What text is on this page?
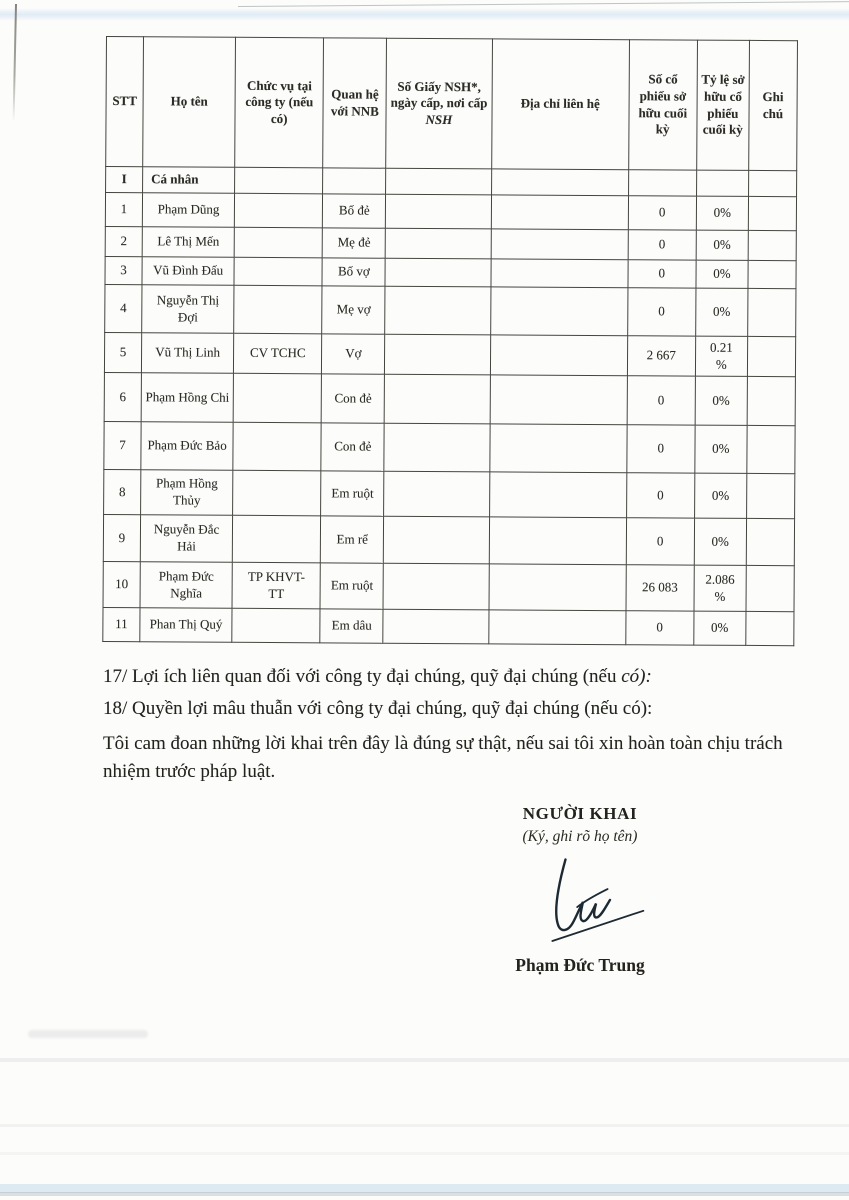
STT	Họ tên	Chức vụ tại công ty (nếu có)	Quan hệ với NNB	Số Giấy NSH*, ngày cấp, nơi cấp NSH	Địa chỉ liên hệ	Số cổ phiếu sở hữu cuối kỳ	Tỷ lệ sở hữu cổ phiếu cuối kỳ	Ghi chú
I	Cá nhân							
1	Phạm Dũng		Bố đẻ			0	0%	
2	Lê Thị Mến		Mẹ đẻ			0	0%	
3	Vũ Đình Đấu		Bố vợ			0	0%	
4	Nguyễn Thị Đợi		Mẹ vợ			0	0%	
5	Vũ Thị Linh	CV TCHC	Vợ			2 667	0.21
%	
6	Phạm Hồng Chi		Con đẻ			0	0%	
7	Phạm Đức Bảo		Con đẻ			0	0%	
8	Phạm Hồng Thủy		Em ruột			0	0%	
9	Nguyễn Đắc Hải		Em rể			0	0%	
10	Phạm Đức Nghĩa	TP KHVT-
TT	Em ruột			26 083	2.086
%	
11	Phan Thị Quý		Em dâu			0	0%	

17/ Lợi ích liên quan đối với công ty đại chúng, quỹ đại chúng (nếu có):

18/ Quyền lợi mâu thuẫn với công ty đại chúng, quỹ đại chúng (nếu có):

Tôi cam đoan những lời khai trên đây là đúng sự thật, nếu sai tôi xin hoàn toàn chịu trách nhiệm trước pháp luật.

NGƯỜI KHAI
(Ký, ghi rõ họ tên)
Phạm Đức Trung
